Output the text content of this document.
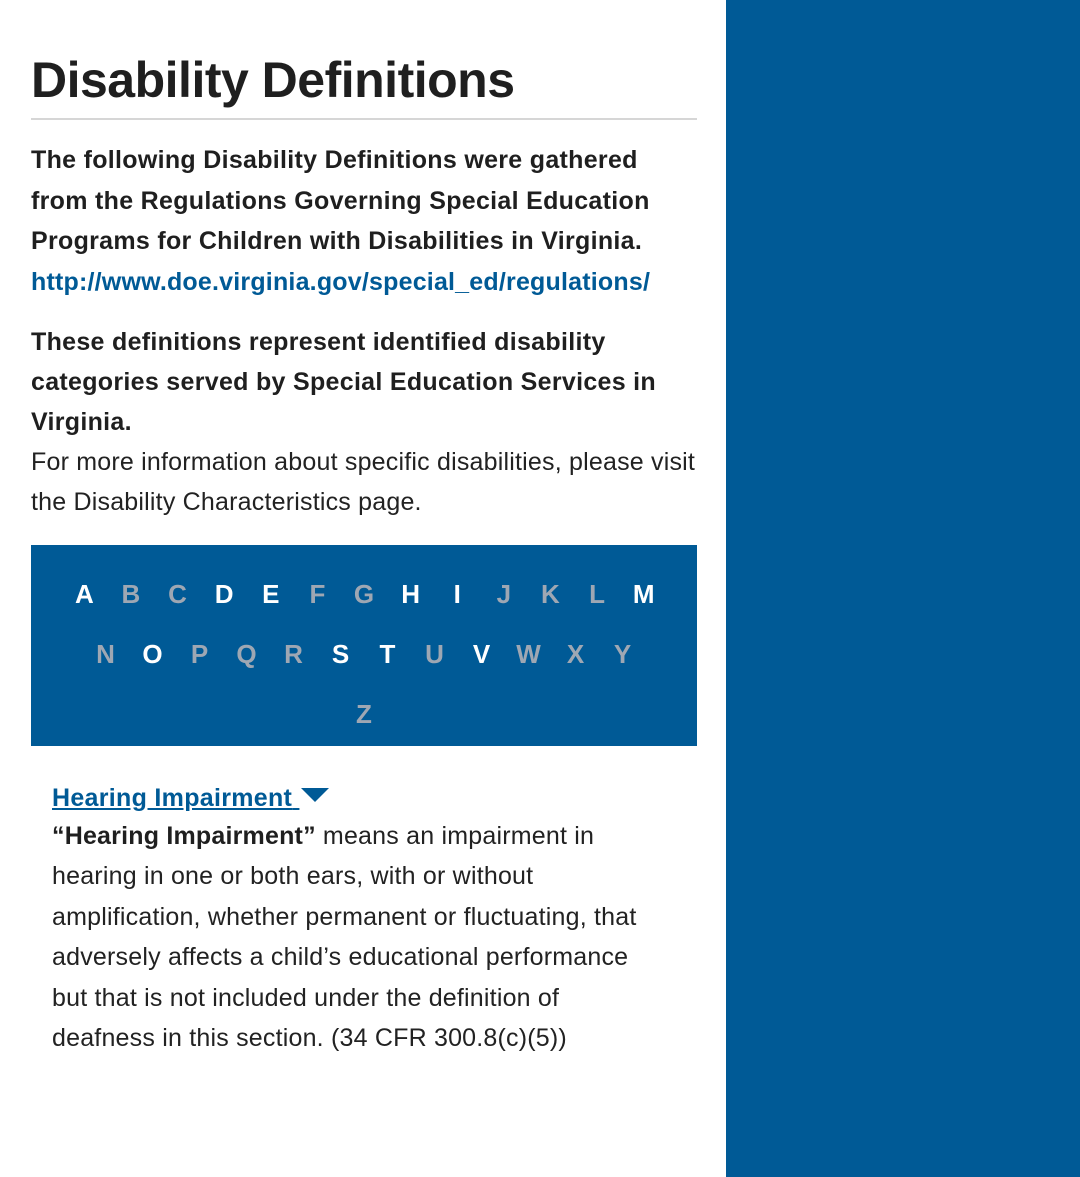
Disability Definitions
The following Disability Definitions were gathered from the Regulations Governing Special Education Programs for Children with Disabilities in Virginia.
http://www.doe.virginia.gov/special_ed/regulations/
These definitions represent identified disability categories served by Special Education Services in Virginia.
For more information about specific disabilities, please visit the Disability Characteristics page.
A	B	C	D	E	F	G	H	I	J	K	L	M
N	O	P	Q	R	S	T	U	V	W	X	Y
Z
Hearing Impairment
“Hearing Impairment” means an impairment in hearing in one or both ears, with or without amplification, whether permanent or fluctuating, that adversely affects a child’s educational performance but that is not included under the definition of deafness in this section. (34 CFR 300.8(c)(5))
